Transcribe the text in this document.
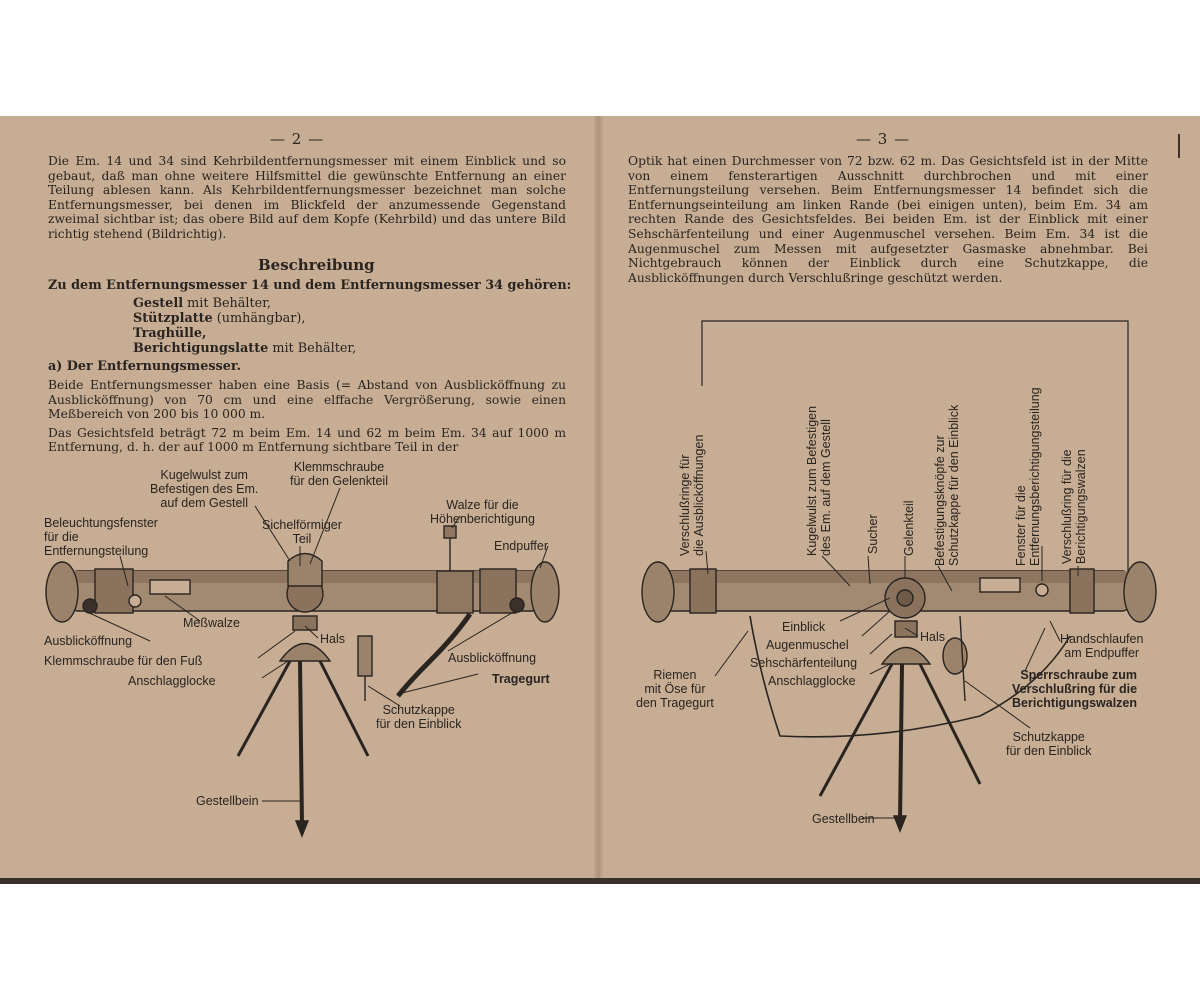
— 2 —

Die Em. 14 und 34 sind Kehrbildentfernungsmesser mit einem Einblick und so gebaut, daß man ohne weitere Hilfsmittel die gewünschte Entfernung an einer Teilung ablesen kann. Als Kehrbildentfernungsmesser bezeichnet man solche Entfernungsmesser, bei denen im Blickfeld der anzumessende Gegenstand zweimal sichtbar ist; das obere Bild auf dem Kopfe (Kehrbild) und das untere Bild richtig stehend (Bildrichtig).

Beschreibung
Zu dem Entfernungsmesser 14 und dem Entfernungsmesser 34 gehören:
Gestell mit Behälter,
Stützplatte (umhängbar),
Traghülle,
Berichtigungslatte mit Behälter,
a) Der Entfernungsmesser.

Beide Entfernungsmesser haben eine Basis (= Abstand von Ausblicköffnung zu Ausblicköffnung) von 70 cm und eine elffache Vergrößerung, sowie einen Meßbereich von 200 bis 10 000 m.

Das Gesichtsfeld beträgt 72 m beim Em. 14 und 62 m beim Em. 34 auf 1000 m Entfernung, d. h. der auf 1000 m Entfernung sichtbare Teil in der

Kugelwulst zum
Befestigen des Em.
auf dem Gestell
Klemmschraube
für den Gelenkteil
Beleuchtungsfenster
für die
Entfernungsteilung
Sichelförmiger
Teil
Walze für die
Höhenberichtigung
Endpuffer
Ausblicköffnung
Meßwalze
Hals
Klemmschraube für den Fuß
Anschlagglocke
Ausblicköffnung
Tragegurt
Schutzkappe
für den Einblick
Gestellbein
— 3 —

Optik hat einen Durchmesser von 72 bzw. 62 m. Das Gesichtsfeld ist in der Mitte von einem fensterartigen Ausschnitt durchbrochen und mit einer Entfernungsteilung versehen. Beim Entfernungsmesser 14 befindet sich die Entfernungseinteilung am linken Rande (bei einigen unten), beim Em. 34 am rechten Rande des Gesichtsfeldes. Bei beiden Em. ist der Einblick mit einer Sehschärfenteilung und einer Augenmuschel versehen. Beim Em. 34 ist die Augenmuschel zum Messen mit aufgesetzter Gasmaske abnehmbar. Bei Nichtgebrauch können der Einblick durch eine Schutzkappe, die Ausblicköffnungen durch Verschlußringe geschützt werden.

Verschlußringe für
die Ausblicköffnungen	Kugelwulst zum Befestigen
des Em. auf dem Gestell	Sucher Gelenkteil Befestigungsknöpfe zur
Schutzkappe für den Einblick	Fenster für die
Entfernungsberichtigungsteilung Verschlußring für die
Berichtigungswalzen
Einblick
Augenmuschel
Hals
Sehschärfenteilung
Anschlagglocke
Riemen
mit Öse für
den Tragegurt
Handschlaufen
am Endpuffer
Sperrschraube zum
Verschlußring für die
Berichtigungswalzen
Schutzkappe
für den Einblick
Gestellbein
